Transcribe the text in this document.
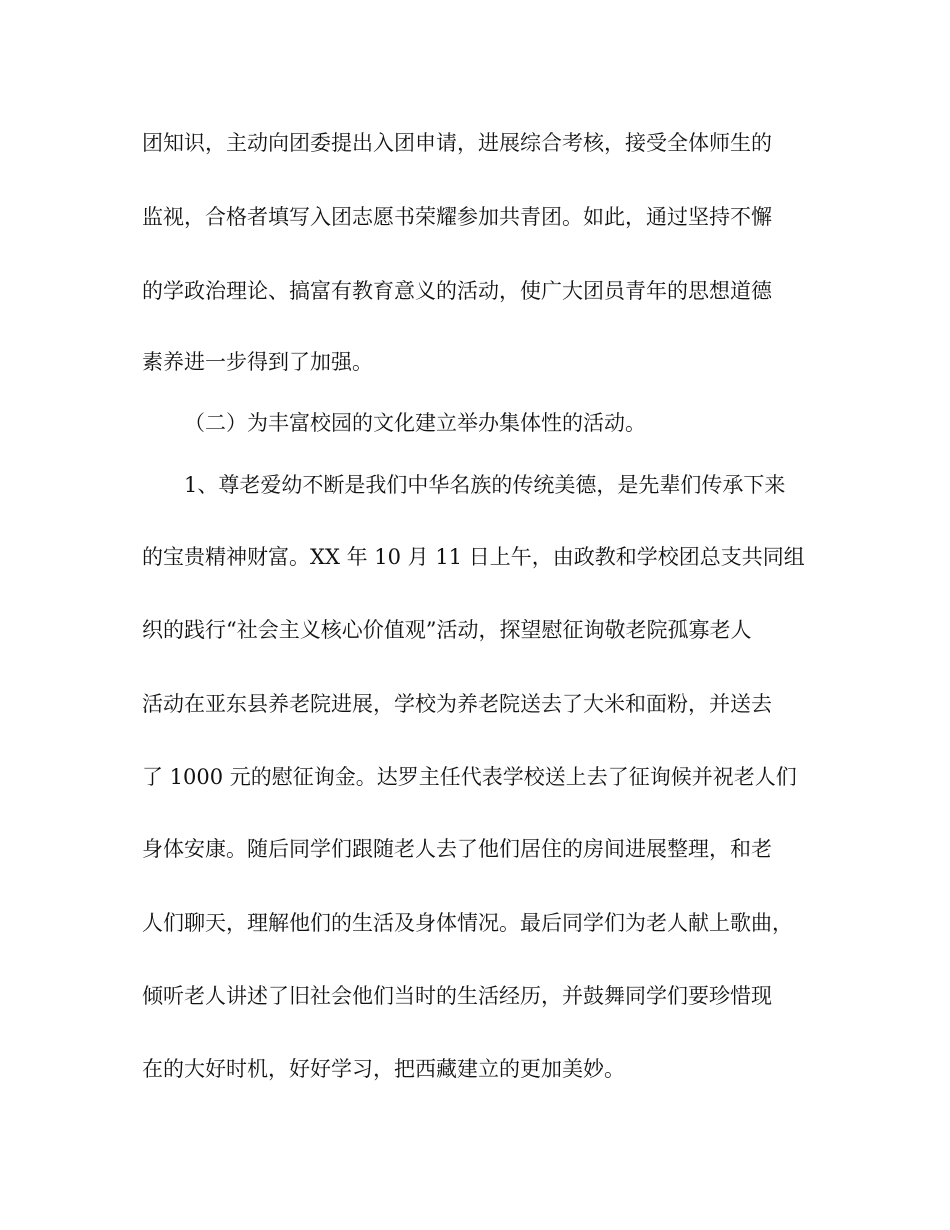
团知识，主动向团委提出入团申请，进展综合考核，接受全体师生的
监视，合格者填写入团志愿书荣耀参加共青团。如此，通过坚持不懈
的学政治理论、搞富有教育意义的活动，使广大团员青年的思想道德
素养进一步得到了加强。
（二）为丰富校园的文化建立举办集体性的活动。
1、尊老爱幼不断是我们中华名族的传统美德，是先辈们传承下来
的宝贵精神财富。XX 年 10 月 11 日上午，由政教和学校团总支共同组
织的践行“社会主义核心价值观”活动，探望慰征询敬老院孤寡老人
活动在亚东县养老院进展，学校为养老院送去了大米和面粉，并送去
了 1000 元的慰征询金。达罗主任代表学校送上去了征询候并祝老人们
身体安康。随后同学们跟随老人去了他们居住的房间进展整理，和老
人们聊天，理解他们的生活及身体情况。最后同学们为老人献上歌曲，
倾听老人讲述了旧社会他们当时的生活经历，并鼓舞同学们要珍惜现
在的大好时机，好好学习，把西藏建立的更加美妙。
